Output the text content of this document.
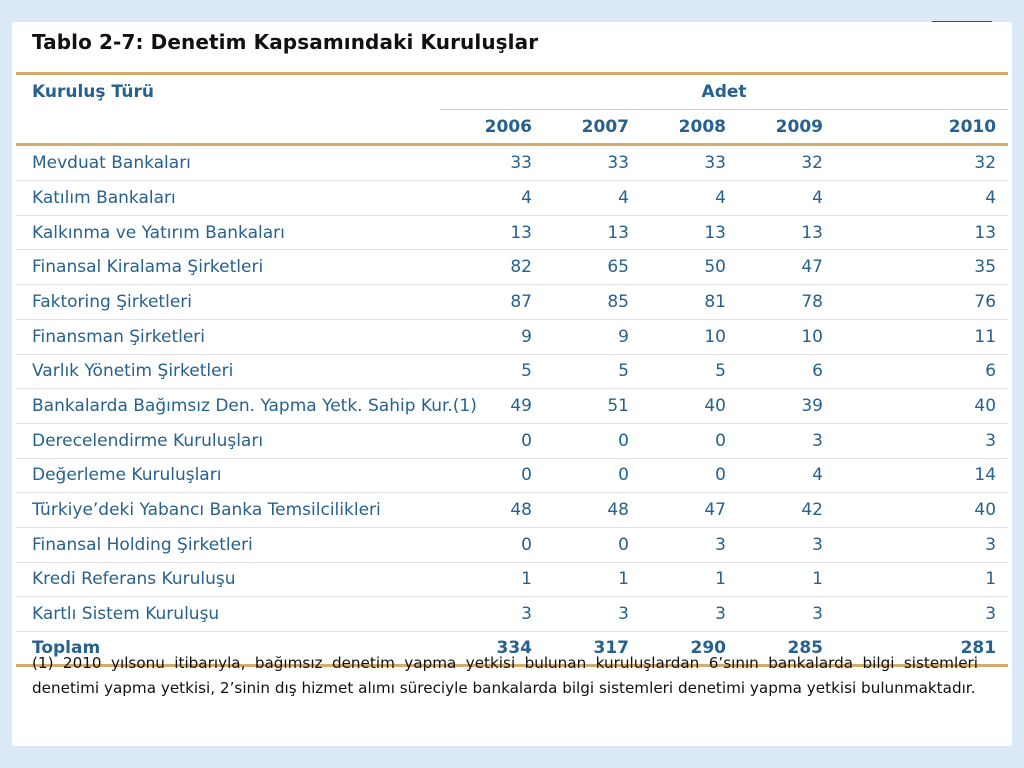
Tablo 2-7: Denetim Kapsamındaki Kuruluşlar
Kuruluş Türü	Adet				
	2006	2007	2008	2009	2010
Mevduat Bankaları	33	33	33	32	32
Katılım Bankaları	4	4	4	4	4
Kalkınma ve Yatırım Bankaları	13	13	13	13	13
Finansal Kiralama Şirketleri	82	65	50	47	35
Faktoring Şirketleri	87	85	81	78	76
Finansman Şirketleri	9	9	10	10	11
Varlık Yönetim Şirketleri	5	5	5	6	6
Bankalarda Bağımsız Den. Yapma Yetk. Sahip Kur.(1)	49	51	40	39	40
Derecelendirme Kuruluşları	0	0	0	3	3
Değerleme Kuruluşları	0	0	0	4	14
Türkiye’deki Yabancı Banka Temsilcilikleri	48	48	47	42	40
Finansal Holding Şirketleri	0	0	3	3	3
Kredi Referans Kuruluşu	1	1	1	1	1
Kartlı Sistem Kuruluşu	3	3	3	3	3
Toplam	334	317	290	285	281
(1) 2010 yılsonu itibarıyla, bağımsız denetim yapma yetkisi bulunan kuruluşlardan 6’sının bankalarda bilgi sistemleri denetimi yapma yetkisi, 2’sinin dış hizmet alımı süreciyle bankalarda bilgi sistemleri denetimi yapma yetkisi bulunmaktadır.
